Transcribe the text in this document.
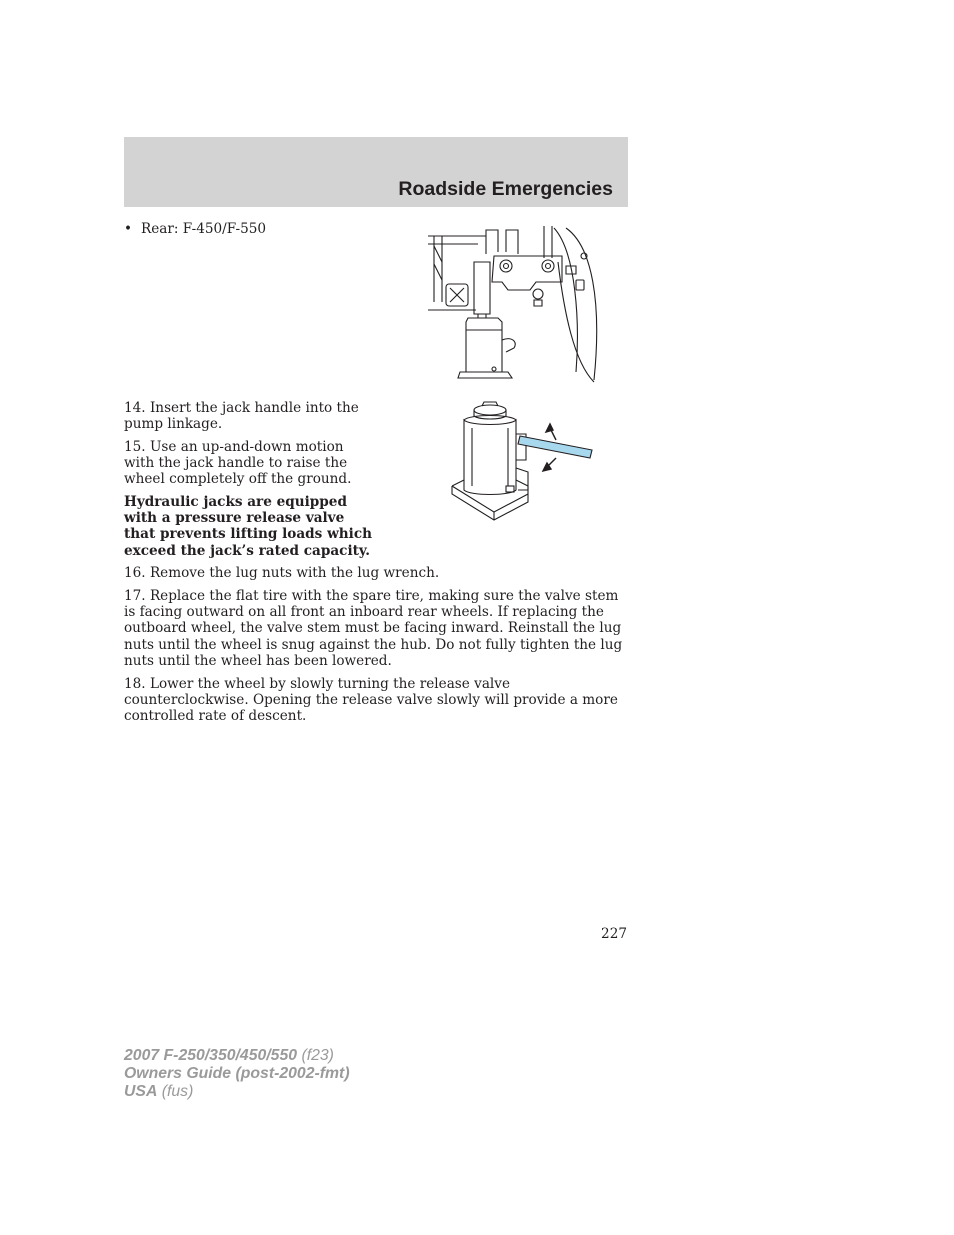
Roadside Emergencies
• Rear: F-450/F-550

14. Insert the jack handle into the pump linkage.

15. Use an up-and-down motion with the jack handle to raise the wheel completely off the ground.

Hydraulic jacks are equipped with a pressure release valve that prevents lifting loads which exceed the jack’s rated capacity.

16. Remove the lug nuts with the lug wrench.

17. Replace the flat tire with the spare tire, making sure the valve stem is facing outward on all front an inboard rear wheels. If replacing the outboard wheel, the valve stem must be facing inward. Reinstall the lug nuts until the wheel is snug against the hub. Do not fully tighten the lug nuts until the wheel has been lowered.

18. Lower the wheel by slowly turning the release valve counterclockwise. Opening the release valve slowly will provide a more controlled rate of descent.

227
2007 F-250/350/450/550 (f23)
Owners Guide (post-2002-fmt)
USA (fus)
